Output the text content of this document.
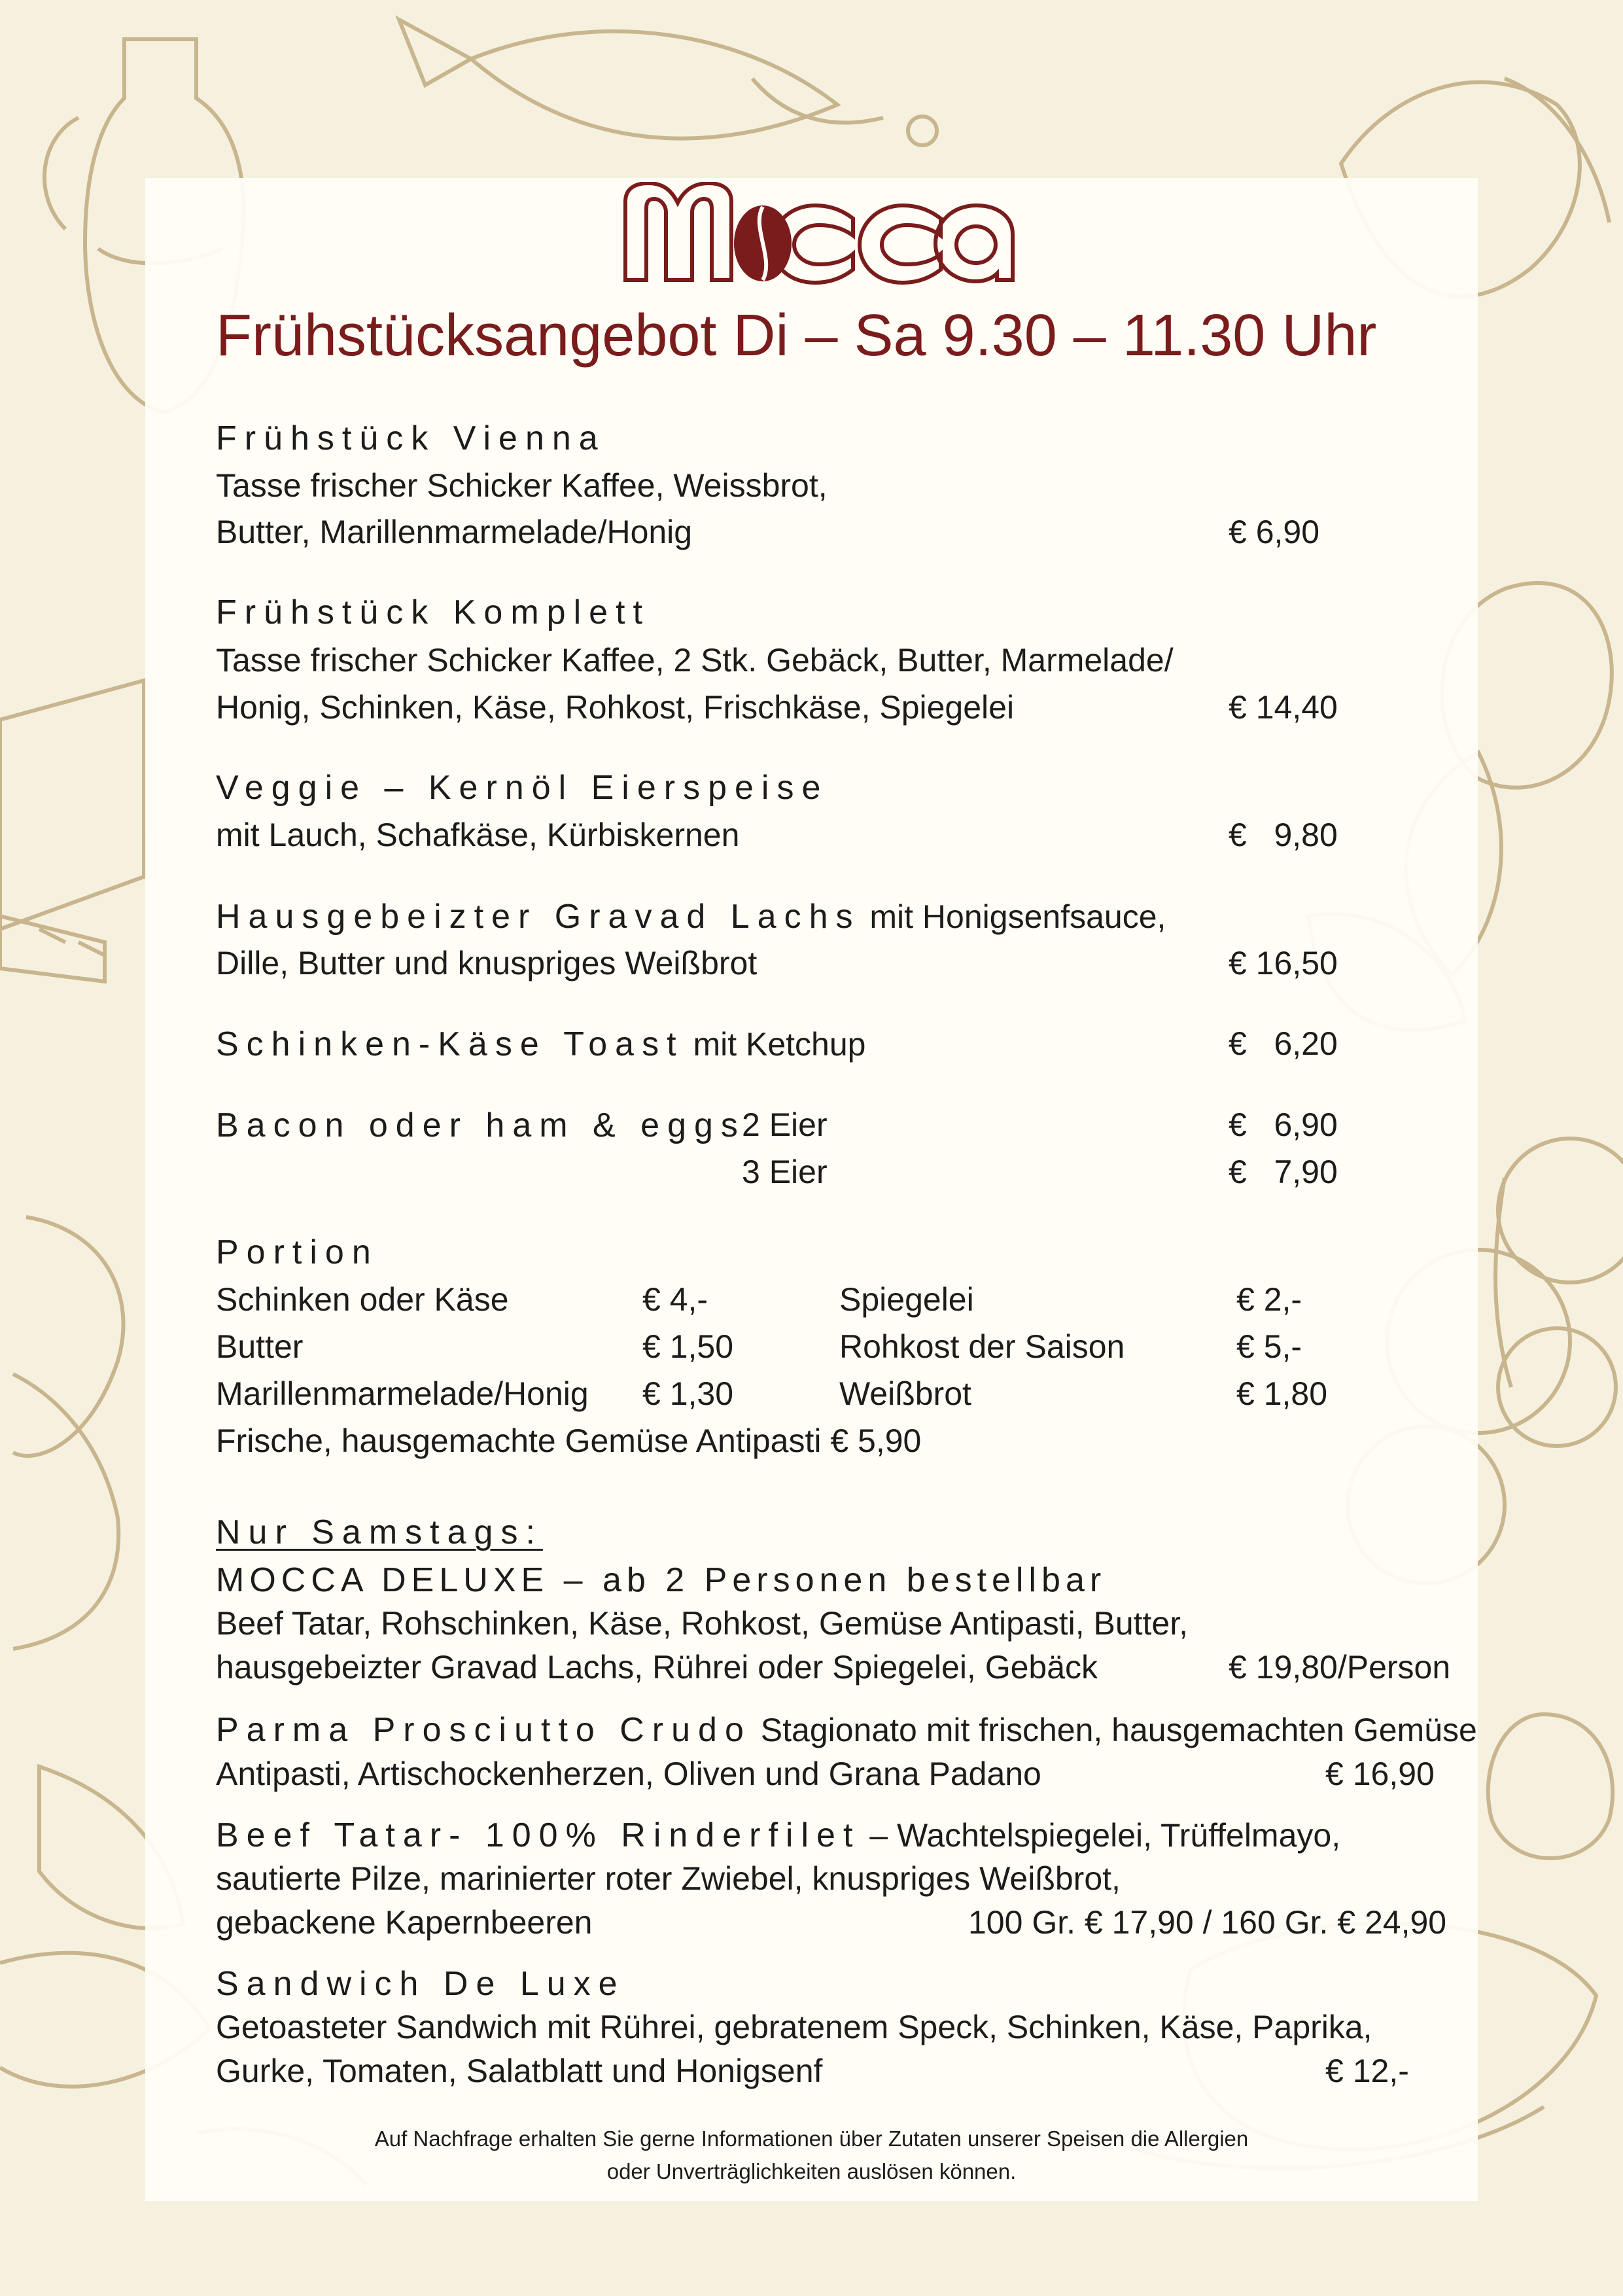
Frühstücksangebot Di – Sa 9.30 – 11.30 Uhr
Frühstück Vienna
Tasse frischer Schicker Kaffee, Weissbrot,
Butter, Marillenmarmelade/Honig	€ 6,90
Frühstück Komplett
Tasse frischer Schicker Kaffee, 2 Stk. Gebäck, Butter, Marmelade/
Honig, Schinken, Käse, Rohkost, Frischkäse, Spiegelei	€ 14,40
Veggie – Kernöl Eierspeise
mit Lauch, Schafkäse, Kürbiskernen	€   9,80
Hausgebeizter Gravad Lachs mit Honigsenfsauce,
Dille, Butter und knuspriges Weißbrot	€ 16,50
Schinken-Käse Toast mit Ketchup	€   6,20
Bacon oder ham & eggs
2 Eier	€   6,90
3 Eier	€   7,90
Portion
Schinken oder Käse	€ 4,-	Spiegelei	€ 2,-
Butter	€ 1,50	Rohkost der Saison	€ 5,-
Marillenmarmelade/Honig € 1,30	Weißbrot	€ 1,80
Frische, hausgemachte Gemüse Antipasti € 5,90
Nur Samstags:
MOCCA DELUXE – ab 2 Personen bestellbar
Beef Tatar, Rohschinken, Käse, Rohkost, Gemüse Antipasti, Butter,
hausgebeizter Gravad Lachs, Rührei oder Spiegelei, Gebäck	€ 19,80/Person
Parma Prosciutto Crudo Stagionato mit frischen, hausgemachten Gemüse
Antipasti, Artischockenherzen, Oliven und Grana Padano	€ 16,90
Beef Tatar- 100% Rinderfilet – Wachtelspiegelei, Trüffelmayo,
sautierte Pilze, marinierter roter Zwiebel, knuspriges Weißbrot,
gebackene Kapernbeeren	100 Gr. € 17,90 / 160 Gr. € 24,90
Sandwich De Luxe
Getoasteter Sandwich mit Rührei, gebratenem Speck, Schinken, Käse, Paprika,
Gurke, Tomaten, Salatblatt und Honigsenf	€ 12,-
Auf Nachfrage erhalten Sie gerne Informationen über Zutaten unserer Speisen die Allergien
oder Unverträglichkeiten auslösen können.
